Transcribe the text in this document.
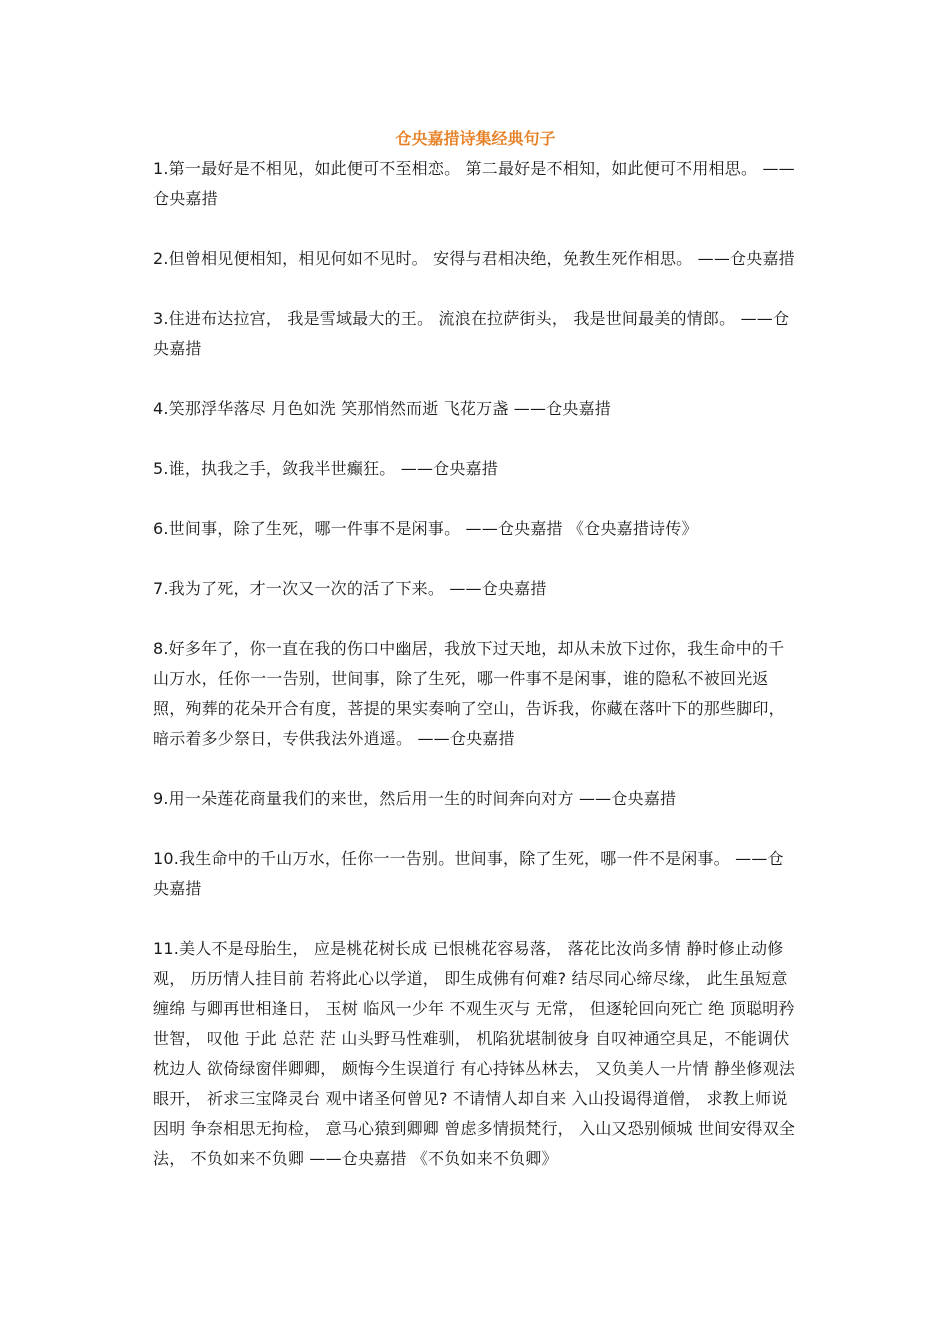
仓央嘉措诗集经典句子

1.第一最好是不相见，如此便可不至相恋。 第二最好是不相知，如此便可不用相思。 ——仓央嘉措

2.但曾相见便相知，相见何如不见时。 安得与君相决绝，免教生死作相思。 ——仓央嘉措

3.住进布达拉宫， 我是雪域最大的王。 流浪在拉萨街头， 我是世间最美的情郎。 ——仓央嘉措

4.笑那浮华落尽 月色如洗 笑那悄然而逝 飞花万盏 ——仓央嘉措

5.谁，执我之手，敛我半世癫狂。 ——仓央嘉措

6.世间事，除了生死，哪一件事不是闲事。 ——仓央嘉措 《仓央嘉措诗传》

7.我为了死，才一次又一次的活了下来。 ——仓央嘉措

8.好多年了，你一直在我的伤口中幽居，我放下过天地，却从未放下过你，我生命中的千山万水，任你一一告别，世间事，除了生死，哪一件事不是闲事，谁的隐私不被回光返照，殉葬的花朵开合有度，菩提的果实奏响了空山，告诉我，你藏在落叶下的那些脚印，暗示着多少祭日，专供我法外逍遥。 ——仓央嘉措

9.用一朵莲花商量我们的来世，然后用一生的时间奔向对方 ——仓央嘉措

10.我生命中的千山万水，任你一一告别。世间事，除了生死，哪一件不是闲事。 ——仓央嘉措

11.美人不是母胎生， 应是桃花树长成 已恨桃花容易落， 落花比汝尚多情 静时修止动修观， 历历情人挂目前 若将此心以学道， 即生成佛有何难? 结尽同心缔尽缘， 此生虽短意缠绵 与卿再世相逢日， 玉树 临风一少年 不观生灭与 无常， 但逐轮回向死亡 绝 顶聪明矜 世智， 叹他 于此 总茫 茫 山头野马性难驯， 机陷犹堪制彼身 自叹神通空具足，不能调伏枕边人 欲倚绿窗伴卿卿， 颇悔今生误道行 有心持钵丛林去， 又负美人一片情 静坐修观法眼开， 祈求三宝降灵台 观中诸圣何曾见? 不请情人却自来 入山投谒得道僧， 求教上师说因明 争奈相思无拘检， 意马心猿到卿卿 曾虑多情损梵行， 入山又恐别倾城 世间安得双全法， 不负如来不负卿 ——仓央嘉措 《不负如来不负卿》
